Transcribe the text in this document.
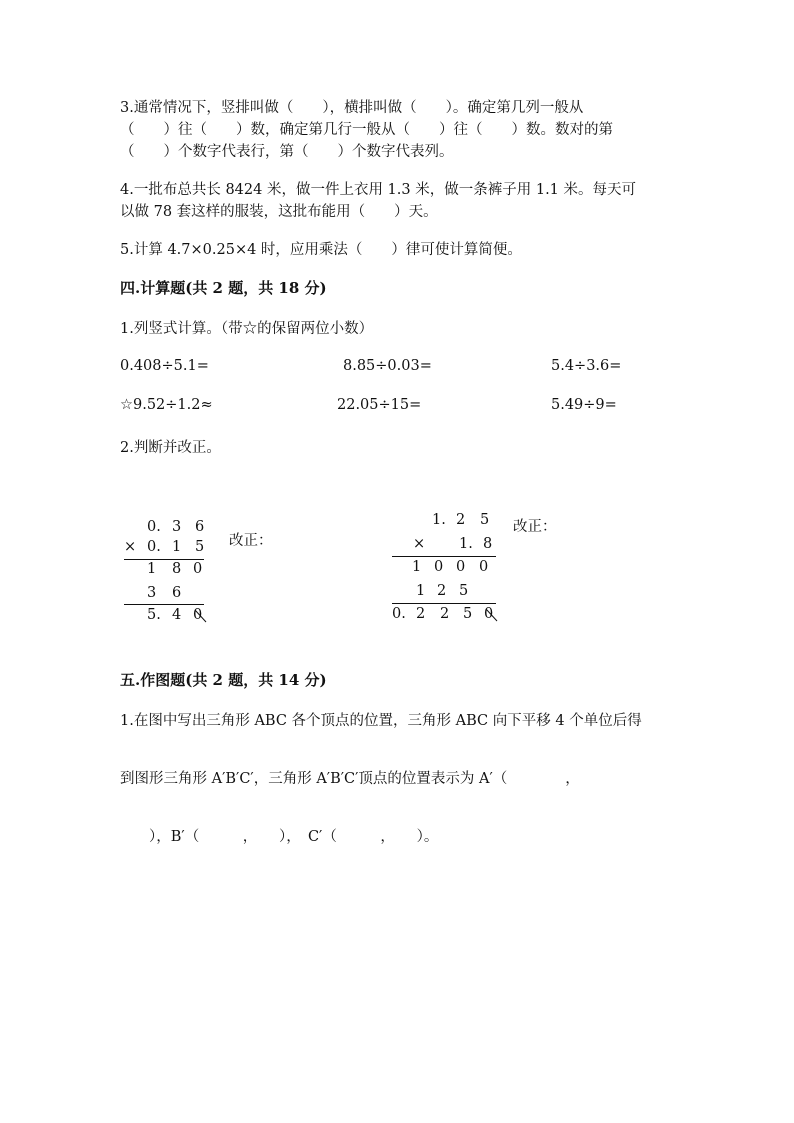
3.通常情况下，竖排叫做（　　），横排叫做（　　）。确定第几列一般从
（　　）往（　　）数，确定第几行一般从（　　）往（　　）数。数对的第
（　　）个数字代表行，第（　　）个数字代表列。
4.一批布总共长 8424 米，做一件上衣用 1.3 米，做一条裤子用 1.1 米。每天可
以做 78 套这样的服装，这批布能用（　　）天。
5.计算 4.7×0.25×4 时，应用乘法（　　）律可使计算简便。
四.计算题(共 2 题，共 18 分)
1.列竖式计算。（带☆的保留两位小数）
0.408÷5.1=	8.85÷0.03=	5.4÷3.6=
☆9.52÷1.2≈	22.05÷15=	5.49÷9=
2.判断并改正。
0. 3 6
× 0. 1 5
1 8 0
3 6
5. 4 0
改正：
1. 2 5
× 1. 8
1 0 0 0
1 2 5
0. 2 2 5 0
改正：
五.作图题(共 2 题，共 14 分)
1.在图中写出三角形 ABC 各个顶点的位置，三角形 ABC 向下平移 4 个单位后得
到图形三角形 A′B′C′，三角形 A′B′C′顶点的位置表示为 A′（　　　　，
　　），B′（　　　，　　），　C′（　　　，　　）。
